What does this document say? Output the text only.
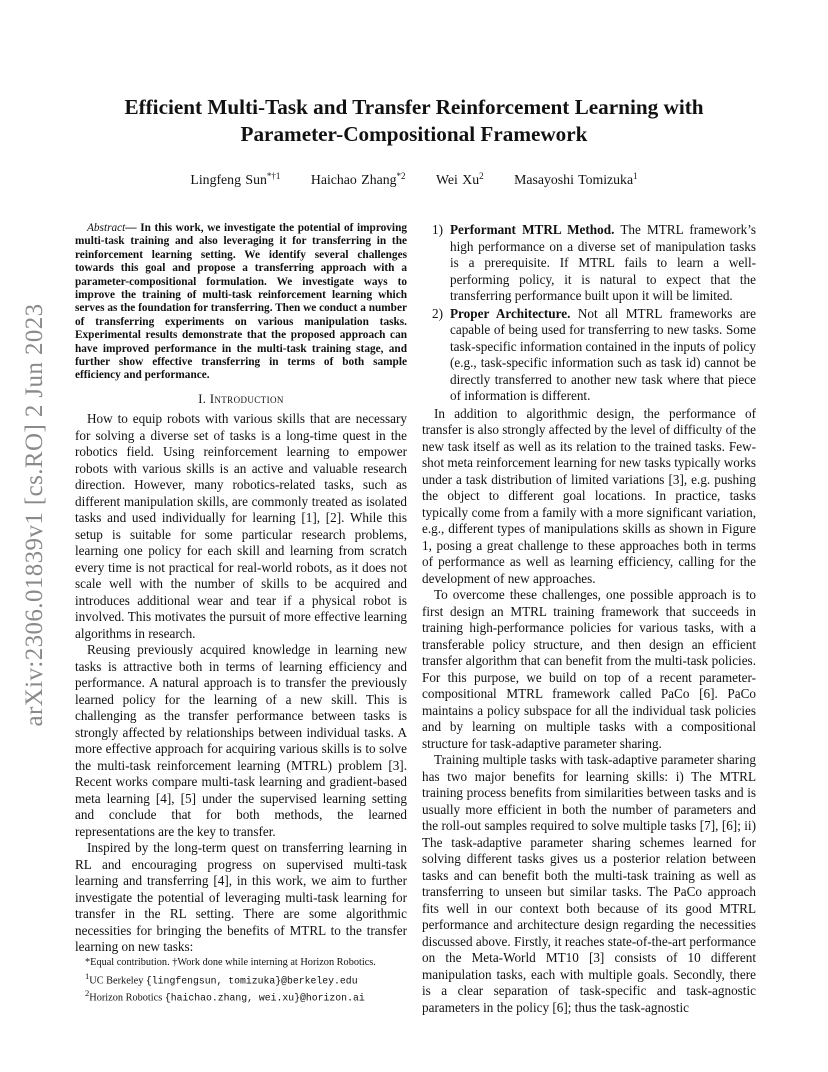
arXiv:2306.01839v1 [cs.RO] 2 Jun 2023
Efficient Multi-Task and Transfer Reinforcement Learning with
Parameter-Compositional Framework
Lingfeng Sun$^{*\dagger 1}$ Haichao Zhang$^{*2}$ Wei Xu$^2$ Masayoshi Tomizuka$^1$

Abstract— In this work, we investigate the potential of improving multi-task training and also leveraging it for transferring in the reinforcement learning setting. We identify several challenges towards this goal and propose a transferring approach with a parameter-compositional formulation. We investigate ways to improve the training of multi-task reinforcement learning which serves as the foundation for transferring. Then we conduct a number of transferring experiments on various manipulation tasks. Experimental results demonstrate that the proposed approach can have improved performance in the multi-task training stage, and further show effective transferring in terms of both sample efficiency and performance.

I. Introduction

How to equip robots with various skills that are necessary for solving a diverse set of tasks is a long-time quest in the robotics field. Using reinforcement learning to empower robots with various skills is an active and valuable research direction. However, many robotics-related tasks, such as different manipulation skills, are commonly treated as isolated tasks and used individually for learning [1], [2]. While this setup is suitable for some particular research problems, learning one policy for each skill and learning from scratch every time is not practical for real-world robots, as it does not scale well with the number of skills to be acquired and introduces additional wear and tear if a physical robot is involved. This motivates the pursuit of more effective learning algorithms in research.

Reusing previously acquired knowledge in learning new tasks is attractive both in terms of learning efficiency and performance. A natural approach is to transfer the previously learned policy for the learning of a new skill. This is challenging as the transfer performance between tasks is strongly affected by relationships between individual tasks. A more effective approach for acquiring various skills is to solve the multi-task reinforcement learning (MTRL) problem [3]. Recent works compare multi-task learning and gradient-based meta learning [4], [5] under the supervised learning setting and conclude that for both methods, the learned representations are the key to transfer.

Inspired by the long-term quest on transferring learning in RL and encouraging progress on supervised multi-task learning and transferring [4], in this work, we aim to further investigate the potential of leveraging multi-task learning for transfer in the RL setting. There are some algorithmic necessities for bringing the benefits of MTRL to the transfer learning on new tasks:

*Equal contribution. †Work done while interning at Horizon Robotics.
$^1$UC Berkeley {lingfengsun, tomizuka}@berkeley.edu
$^2$Horizon Robotics {haichao.zhang, wei.xu}@horizon.ai
1) Performant MTRL Method. The MTRL framework’s high performance on a diverse set of manipulation tasks is a prerequisite. If MTRL fails to learn a well-performing policy, it is natural to expect that the transferring performance built upon it will be limited.
2) Proper Architecture. Not all MTRL frameworks are capable of being used for transferring to new tasks. Some task-specific information contained in the inputs of policy (e.g., task-specific information such as task id) cannot be directly transferred to another new task where that piece of information is different.

In addition to algorithmic design, the performance of transfer is also strongly affected by the level of difficulty of the new task itself as well as its relation to the trained tasks. Few-shot meta reinforcement learning for new tasks typically works under a task distribution of limited variations [3], e.g. pushing the object to different goal locations. In practice, tasks typically come from a family with a more significant variation, e.g., different types of manipulations skills as shown in Figure 1, posing a great challenge to these approaches both in terms of performance as well as learning efficiency, calling for the development of new approaches.

To overcome these challenges, one possible approach is to first design an MTRL training framework that succeeds in training high-performance policies for various tasks, with a transferable policy structure, and then design an efficient transfer algorithm that can benefit from the multi-task policies. For this purpose, we build on top of a recent parameter-compositional MTRL framework called PaCo [6]. PaCo maintains a policy subspace for all the individual task policies and by learning on multiple tasks with a compositional structure for task-adaptive parameter sharing.

Training multiple tasks with task-adaptive parameter sharing has two major benefits for learning skills: i) The MTRL training process benefits from similarities between tasks and is usually more efficient in both the number of parameters and the roll-out samples required to solve multiple tasks [7], [6]; ii) The task-adaptive parameter sharing schemes learned for solving different tasks gives us a posterior relation between tasks and can benefit both the multi-task training as well as transferring to unseen but similar tasks. The PaCo approach fits well in our context both because of its good MTRL performance and architecture design regarding the necessities discussed above. Firstly, it reaches state-of-the-art performance on the Meta-World MT10 [3] consists of 10 different manipulation tasks, each with multiple goals. Secondly, there is a clear separation of task-specific and task-agnostic parameters in the policy [6]; thus the task-agnostic
